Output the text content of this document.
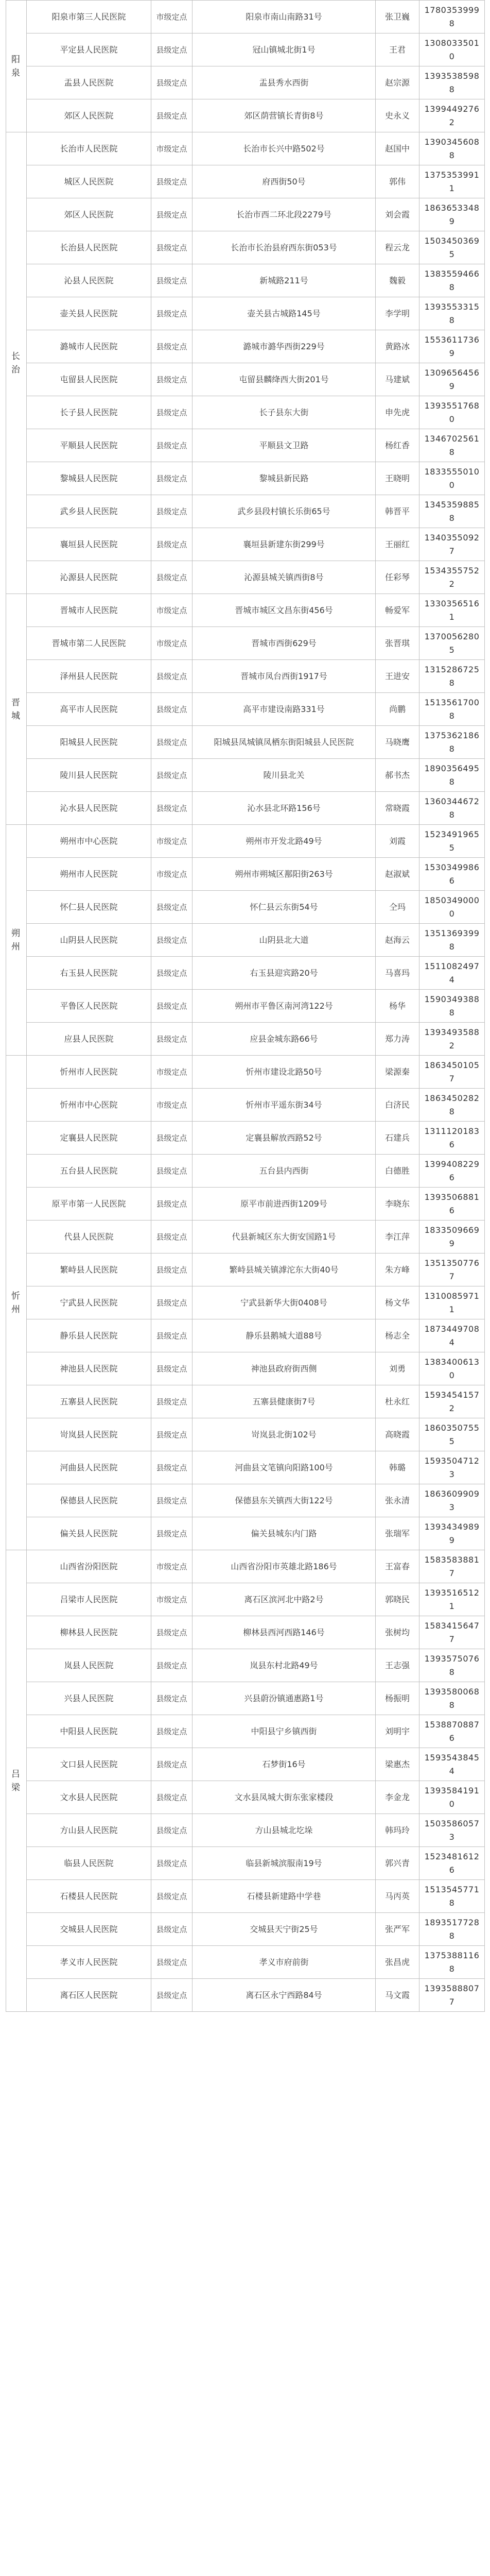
阳泉	阳泉市第三人民医院	市级定点	阳泉市南山南路31号	张卫巍	17803539998
	平定县人民医院	县级定点	冠山镇城北街1号	王君	13080335010
	盂县人民医院	县级定点	盂县秀水西街	赵宗源	13935385988
	郊区人民医院	县级定点	郊区荫营镇长青街8号	史永义	13994492762
长治	长治市人民医院	市级定点	长治市长兴中路502号	赵国中	13903456088
	城区人民医院	县级定点	府西街50号	郭伟	13753539911
	郊区人民医院	县级定点	长治市西二环北段2279号	刘会霞	18636533489
	长治县人民医院	县级定点	长治市长治县府西东街053号	程云龙	15034503695
	沁县人民医院	县级定点	新城路211号	魏毅	13835594668
	壶关县人民医院	县级定点	壶关县古城路145号	李学明	13935533158
	潞城市人民医院	县级定点	潞城市潞华西街229号	黄路冰	15536117369
	屯留县人民医院	县级定点	屯留县麟绛西大街201号	马建斌	13096564569
	长子县人民医院	县级定点	长子县东大街	申先虎	13935517680
	平顺县人民医院	县级定点	平顺县文卫路	杨红香	13467025618
	黎城县人民医院	县级定点	黎城县新民路	王晓明	18335550100
	武乡县人民医院	县级定点	武乡县段村镇长乐街65号	韩晋平	13453598858
	襄垣县人民医院	县级定点	襄垣县新建东街299号	王丽红	13403550927
	沁源县人民医院	县级定点	沁源县城关镇西街8号	任彩琴	15343557522
晋城	晋城市人民医院	市级定点	晋城市城区文昌东街456号	畅爱军	13303565161
	晋城市第二人民医院	市级定点	晋城市西街629号	张晋琪	13700562805
	泽州县人民医院	县级定点	晋城市凤台西街1917号	王进安	13152867258
	高平市人民医院	县级定点	高平市建设南路331号	尚鹏	15135617008
	阳城县人民医院	县级定点	阳城县凤城镇凤栖东街阳城县人民医院	马晓鹰	13753621868
	陵川县人民医院	县级定点	陵川县北关	郝书杰	18903564958
	沁水县人民医院	县级定点	沁水县北环路156号	常晓霞	13603446728
朔州	朔州市中心医院	市级定点	朔州市开发北路49号	刘霞	15234919655
	朔州市人民医院	市级定点	朔州市朔城区鄯阳街263号	赵淑斌	15303499866
	怀仁县人民医院	县级定点	怀仁县云东街54号	仝玛	18503490000
	山阴县人民医院	县级定点	山阴县北大道	赵海云	13513693998
	右玉县人民医院	县级定点	右玉县迎宾路20号	马喜玛	15110824974
	平鲁区人民医院	县级定点	朔州市平鲁区南河湾122号	杨华	15903493888
	应县人民医院	县级定点	应县金城东路66号	郑力涛	13934935882
忻州	忻州市人民医院	市级定点	忻州市建设北路50号	梁源秦	18634501057
	忻州市中心医院	市级定点	忻州市平遥东街34号	白济民	18634502828
	定襄县人民医院	县级定点	定襄县解放西路52号	石建兵	13111201836
	五台县人民医院	县级定点	五台县内西街	白德胜	13994082296
	原平市第一人民医院	县级定点	原平市前进西街1209号	李晓东	13935068816
	代县人民医院	县级定点	代县新城区东大街安国路1号	李江萍	18335096699
	繁峙县人民医院	县级定点	繁峙县城关镇滹沱东大街40号	朱方峰	13513507767
	宁武县人民医院	县级定点	宁武县新华大街0408号	杨文华	13100859711
	静乐县人民医院	县级定点	静乐县鹅城大道88号	杨志全	18734497084
	神池县人民医院	县级定点	神池县政府街西侧	刘勇	13834006130
	五寨县人民医院	县级定点	五寨县健康街7号	杜永红	15934541572
	岢岚县人民医院	县级定点	岢岚县北街102号	高晓霞	18603507555
	河曲县人民医院	县级定点	河曲县文笔镇向阳路100号	韩璐	15935047123
	保德县人民医院	县级定点	保德县东关镇西大街122号	张永清	18636099093
	偏关县人民医院	县级定点	偏关县城东内门路	张瑞军	13934349899
吕梁	山西省汾阳医院	市级定点	山西省汾阳市英雄北路186号	王富春	15835838817
	吕梁市人民医院	市级定点	离石区滨河北中路2号	郭晓民	13935165121
	柳林县人民医院	县级定点	柳林县西河西路146号	张树均	15834156477
	岚县人民医院	县级定点	岚县东村北路49号	王志强	13935750768
	兴县人民医院	县级定点	兴县蔚汾镇通惠路1号	杨振明	13935800688
	中阳县人民医院	县级定点	中阳县宁乡镇西街	刘明宇	15388708876
	文口县人民医院	县级定点	石梦街16号	梁惠杰	15935438454
	文水县人民医院	县级定点	文水县凤城大街东张家楼段	李金龙	13935841910
	方山县人民医院	县级定点	方山县城北圪垛	韩玛玲	15035860573
	临县人民医院	县级定点	临县新城滨服南19号	郭兴青	15234816126
	石楼县人民医院	县级定点	石楼县新建路中学巷	马丙英	15135457718
	交城县人民医院	县级定点	交城县天宁街25号	张严军	18935177288
	孝义市人民医院	县级定点	孝义市府前街	张昌虎	13753881168
	离石区人民医院	县级定点	离石区永宁西路84号	马文霞	13935888077
